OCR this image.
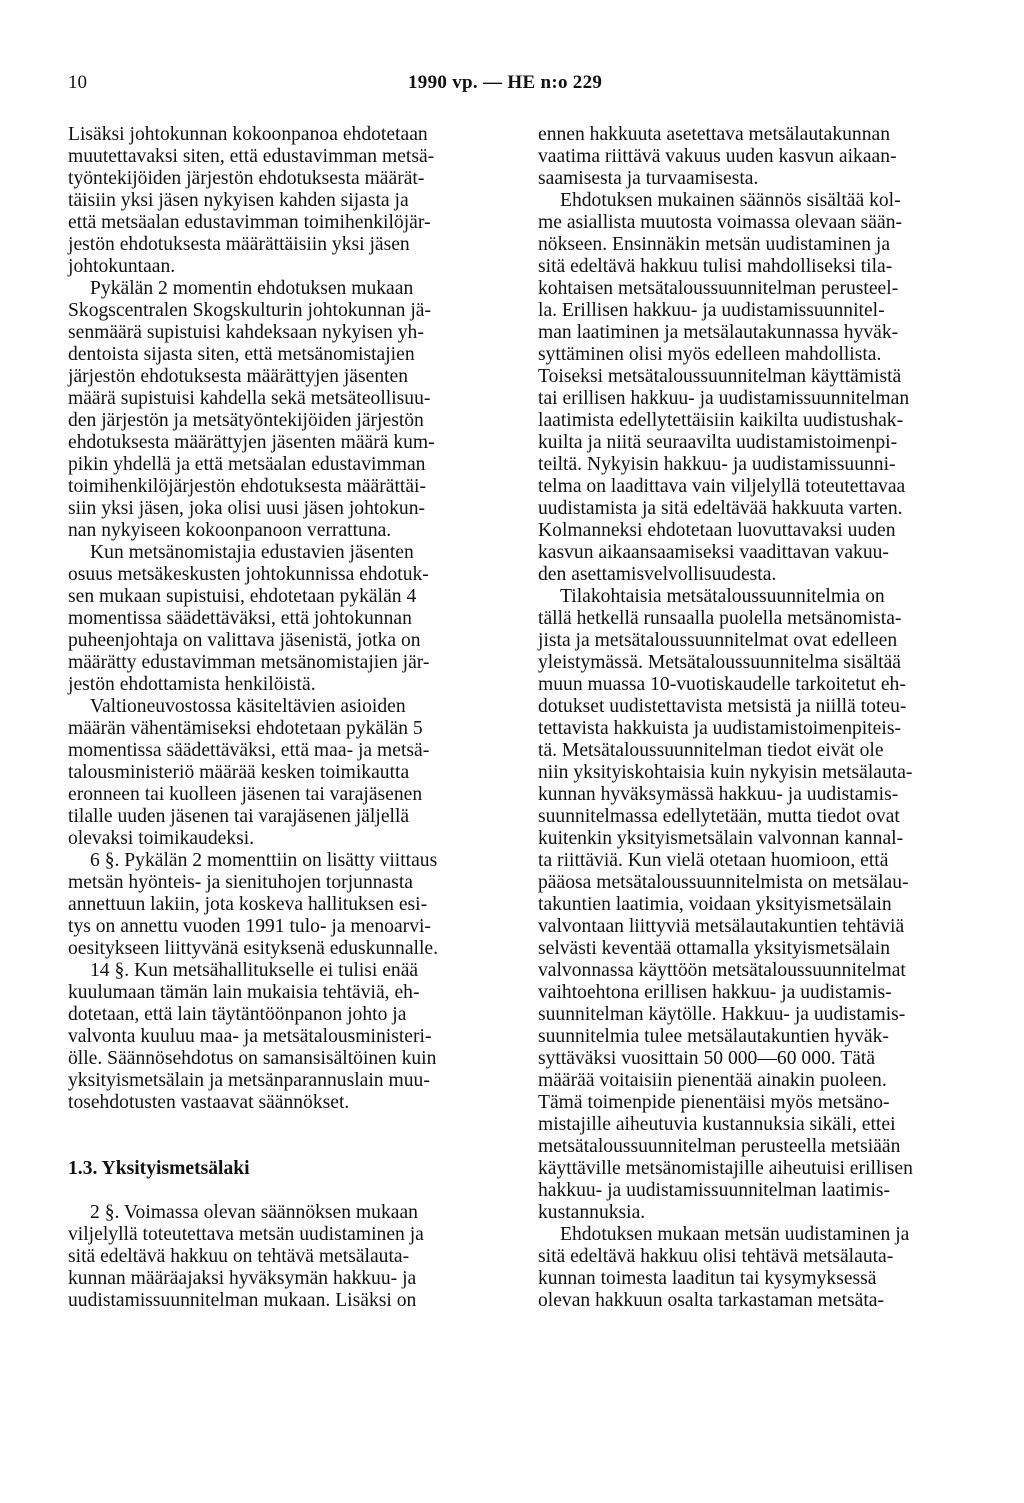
10	1990 vp. — HE n:o 229
Lisäksi johtokunnan kokoonpanoa ehdotetaan
muutettavaksi siten, että edustavimman metsä-
työntekijöiden järjestön ehdotuksesta määrät-
täisiin yksi jäsen nykyisen kahden sijasta ja
että metsäalan edustavimman toimihenkilöjär-
jestön ehdotuksesta määrättäisiin yksi jäsen
johtokuntaan.
Pykälän 2 momentin ehdotuksen mukaan
Skogscentralen Skogskulturin johtokunnan jä-
senmäärä supistuisi kahdeksaan nykyisen yh-
dentoista sijasta siten, että metsänomistajien
järjestön ehdotuksesta määrättyjen jäsenten
määrä supistuisi kahdella sekä metsäteollisuu-
den järjestön ja metsätyöntekijöiden järjestön
ehdotuksesta määrättyjen jäsenten määrä kum-
pikin yhdellä ja että metsäalan edustavimman
toimihenkilöjärjestön ehdotuksesta määrättäi-
siin yksi jäsen, joka olisi uusi jäsen johtokun-
nan nykyiseen kokoonpanoon verrattuna.
Kun metsänomistajia edustavien jäsenten
osuus metsäkeskusten johtokunnissa ehdotuk-
sen mukaan supistuisi, ehdotetaan pykälän 4
momentissa säädettäväksi, että johtokunnan
puheenjohtaja on valittava jäsenistä, jotka on
määrätty edustavimman metsänomistajien jär-
jestön ehdottamista henkilöistä.
Valtioneuvostossa käsiteltävien asioiden
määrän vähentämiseksi ehdotetaan pykälän 5
momentissa säädettäväksi, että maa- ja metsä-
talousministeriö määrää kesken toimikautta
eronneen tai kuolleen jäsenen tai varajäsenen
tilalle uuden jäsenen tai varajäsenen jäljellä
olevaksi toimikaudeksi.
6 §. Pykälän 2 momenttiin on lisätty viittaus
metsän hyönteis- ja sienituhojen torjunnasta
annettuun lakiin, jota koskeva hallituksen esi-
tys on annettu vuoden 1991 tulo- ja menoarvi-
oesitykseen liittyvänä esityksenä eduskunnalle.
14 §. Kun metsähallitukselle ei tulisi enää
kuulumaan tämän lain mukaisia tehtäviä, eh-
dotetaan, että lain täytäntöönpanon johto ja
valvonta kuuluu maa- ja metsätalousministeri-
ölle. Säännösehdotus on samansisältöinen kuin
yksityismetsälain ja metsänparannuslain muu-
tosehdotusten vastaavat säännökset.
1.3. Yksityismetsälaki
2 §. Voimassa olevan säännöksen mukaan
viljelyllä toteutettava metsän uudistaminen ja
sitä edeltävä hakkuu on tehtävä metsälauta-
kunnan määräajaksi hyväksymän hakkuu- ja
uudistamissuunnitelman mukaan. Lisäksi on
ennen hakkuuta asetettava metsälautakunnan
vaatima riittävä vakuus uuden kasvun aikaan-
saamisesta ja turvaamisesta.
Ehdotuksen mukainen säännös sisältää kol-
me asiallista muutosta voimassa olevaan sään-
nökseen. Ensinnäkin metsän uudistaminen ja
sitä edeltävä hakkuu tulisi mahdolliseksi tila-
kohtaisen metsätaloussuunnitelman perusteel-
la. Erillisen hakkuu- ja uudistamissuunnitel-
man laatiminen ja metsälautakunnassa hyväk-
syttäminen olisi myös edelleen mahdollista.
Toiseksi metsätaloussuunnitelman käyttämistä
tai erillisen hakkuu- ja uudistamissuunnitelman
laatimista edellytettäisiin kaikilta uudistushak-
kuilta ja niitä seuraavilta uudistamistoimenpi-
teiltä. Nykyisin hakkuu- ja uudistamissuunni-
telma on laadittava vain viljelyllä toteutettavaa
uudistamista ja sitä edeltävää hakkuuta varten.
Kolmanneksi ehdotetaan luovuttavaksi uuden
kasvun aikaansaamiseksi vaadittavan vakuu-
den asettamisvelvollisuudesta.
Tilakohtaisia metsätaloussuunnitelmia on
tällä hetkellä runsaalla puolella metsänomista-
jista ja metsätaloussuunnitelmat ovat edelleen
yleistymässä. Metsätaloussuunnitelma sisältää
muun muassa 10-vuotiskaudelle tarkoitetut eh-
dotukset uudistettavista metsistä ja niillä toteu-
tettavista hakkuista ja uudistamistoimenpiteis-
tä. Metsätaloussuunnitelman tiedot eivät ole
niin yksityiskohtaisia kuin nykyisin metsälauta-
kunnan hyväksymässä hakkuu- ja uudistamis-
suunnitelmassa edellytetään, mutta tiedot ovat
kuitenkin yksityismetsälain valvonnan kannal-
ta riittäviä. Kun vielä otetaan huomioon, että
pääosa metsätaloussuunnitelmista on metsälau-
takuntien laatimia, voidaan yksityismetsälain
valvontaan liittyviä metsälautakuntien tehtäviä
selvästi keventää ottamalla yksityismetsälain
valvonnassa käyttöön metsätaloussuunnitelmat
vaihtoehtona erillisen hakkuu- ja uudistamis-
suunnitelman käytölle. Hakkuu- ja uudistamis-
suunnitelmia tulee metsälautakuntien hyväk-
syttäväksi vuosittain 50 000—60 000. Tätä
määrää voitaisiin pienentää ainakin puoleen.
Tämä toimenpide pienentäisi myös metsäno-
mistajille aiheutuvia kustannuksia sikäli, ettei
metsätaloussuunnitelman perusteella metsiään
käyttäville metsänomistajille aiheutuisi erillisen
hakkuu- ja uudistamissuunnitelman laatimis-
kustannuksia.
Ehdotuksen mukaan metsän uudistaminen ja
sitä edeltävä hakkuu olisi tehtävä metsälauta-
kunnan toimesta laaditun tai kysymyksessä
olevan hakkuun osalta tarkastaman metsäta-
